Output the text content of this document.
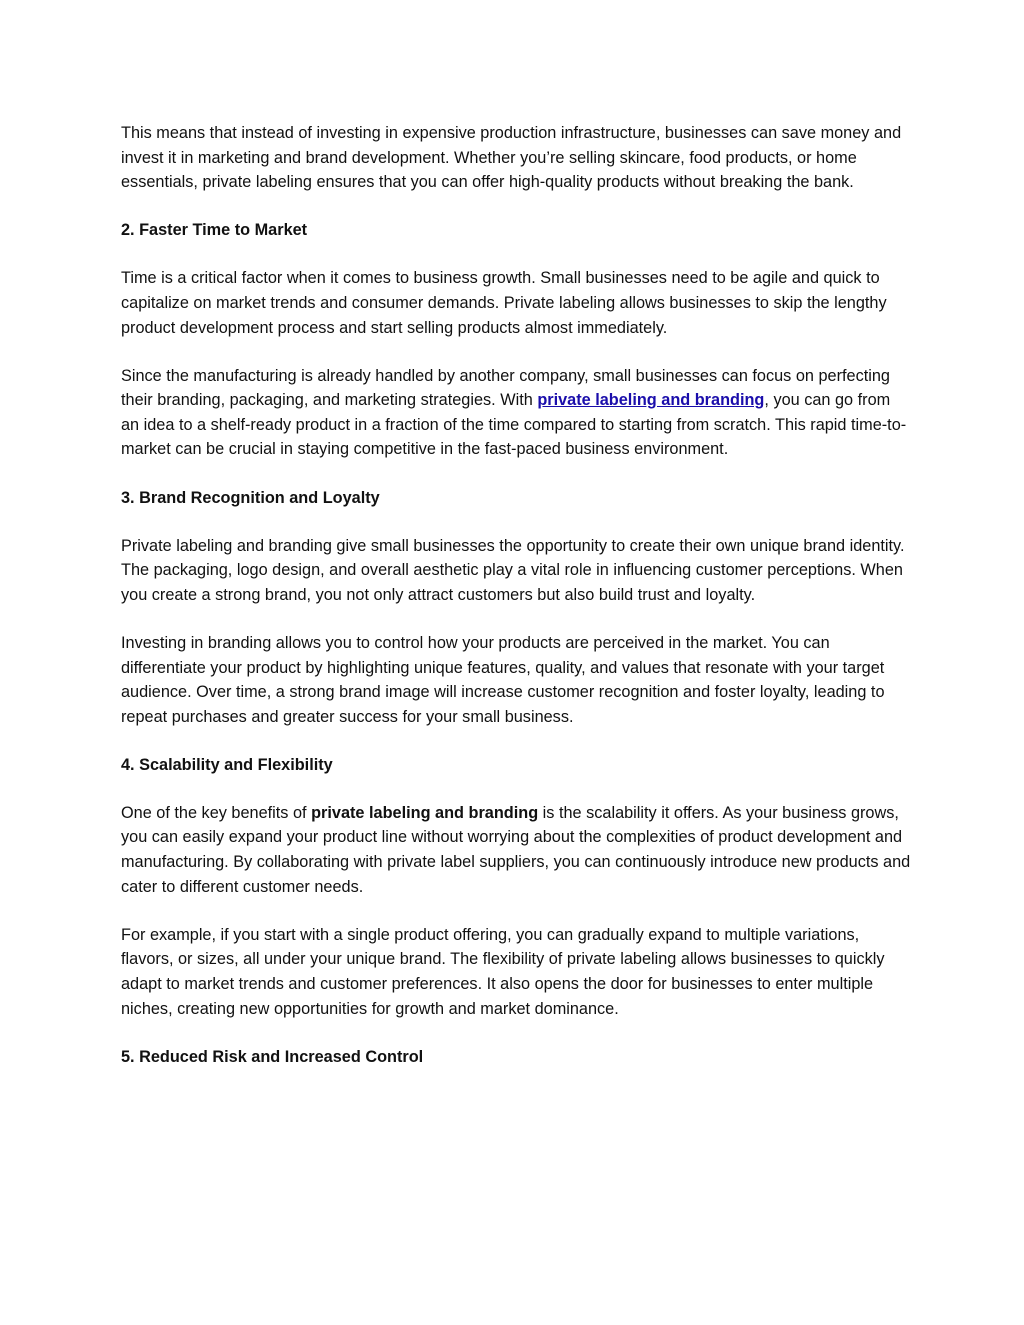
This means that instead of investing in expensive production infrastructure, businesses can save money and invest it in marketing and brand development. Whether you’re selling skincare, food products, or home essentials, private labeling ensures that you can offer high-quality products without breaking the bank.

2. Faster Time to Market

Time is a critical factor when it comes to business growth. Small businesses need to be agile and quick to capitalize on market trends and consumer demands. Private labeling allows businesses to skip the lengthy product development process and start selling products almost immediately.

Since the manufacturing is already handled by another company, small businesses can focus on perfecting their branding, packaging, and marketing strategies. With private labeling and branding, you can go from an idea to a shelf-ready product in a fraction of the time compared to starting from scratch. This rapid time-to-market can be crucial in staying competitive in the fast-paced business environment.

3. Brand Recognition and Loyalty

Private labeling and branding give small businesses the opportunity to create their own unique brand identity. The packaging, logo design, and overall aesthetic play a vital role in influencing customer perceptions. When you create a strong brand, you not only attract customers but also build trust and loyalty.

Investing in branding allows you to control how your products are perceived in the market. You can differentiate your product by highlighting unique features, quality, and values that resonate with your target audience. Over time, a strong brand image will increase customer recognition and foster loyalty, leading to repeat purchases and greater success for your small business.

4. Scalability and Flexibility

One of the key benefits of private labeling and branding is the scalability it offers. As your business grows, you can easily expand your product line without worrying about the complexities of product development and manufacturing. By collaborating with private label suppliers, you can continuously introduce new products and cater to different customer needs.

For example, if you start with a single product offering, you can gradually expand to multiple variations, flavors, or sizes, all under your unique brand. The flexibility of private labeling allows businesses to quickly adapt to market trends and customer preferences. It also opens the door for businesses to enter multiple niches, creating new opportunities for growth and market dominance.

5. Reduced Risk and Increased Control
